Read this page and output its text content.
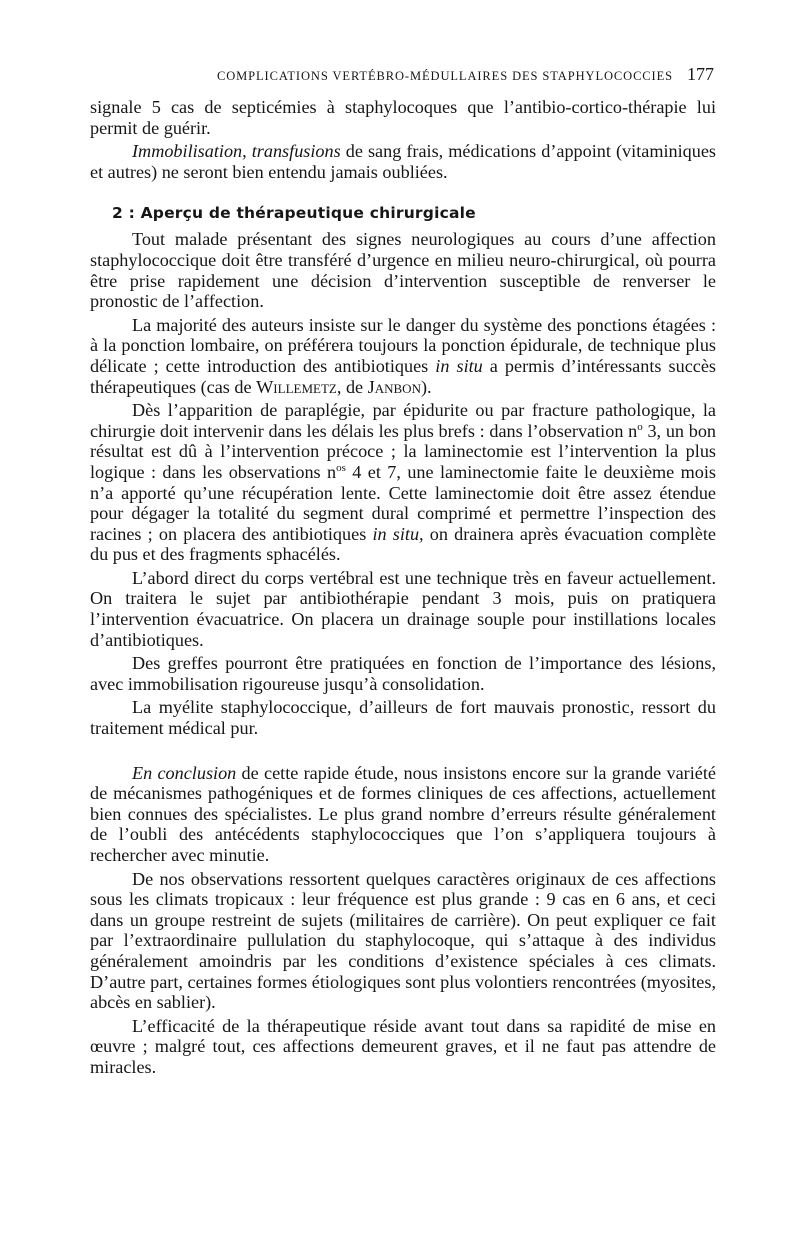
COMPLICATIONS VERTÉBRO-MÉDULLAIRES DES STAPHYLOCOCCIES 177

signale 5 cas de septicémies à staphylocoques que l’antibio-cortico-thérapie lui permit de guérir.

Immobilisation, transfusions de sang frais, médications d’appoint (vitaminiques et autres) ne seront bien entendu jamais oubliées.

2 : Aperçu de thérapeutique chirurgicale

Tout malade présentant des signes neurologiques au cours d’une affection staphylococcique doit être transféré d’urgence en milieu neuro-chirurgical, où pourra être prise rapidement une décision d’intervention susceptible de renverser le pronostic de l’affection.

La majorité des auteurs insiste sur le danger du système des ponctions étagées : à la ponction lombaire, on préférera toujours la ponction épidurale, de technique plus délicate ; cette introduction des antibiotiques in situ a permis d’intéressants succès thérapeutiques (cas de Willemetz, de Janbon).

Dès l’apparition de paraplégie, par épidurite ou par fracture pathologique, la chirurgie doit intervenir dans les délais les plus brefs : dans l’observation $n^o$ 3, un bon résultat est dû à l’intervention précoce ; la laminectomie est l’intervention la plus logique : dans les observations $n^{os}$ 4 et 7, une laminectomie faite le deuxième mois n’a apporté qu’une récupération lente. Cette laminectomie doit être assez étendue pour dégager la totalité du segment dural comprimé et permettre l’inspection des racines ; on placera des antibiotiques in situ, on drainera après évacuation complète du pus et des fragments sphacélés.

L’abord direct du corps vertébral est une technique très en faveur actuellement. On traitera le sujet par antibiothérapie pendant 3 mois, puis on pratiquera l’intervention évacuatrice. On placera un drainage souple pour instillations locales d’antibiotiques.

Des greffes pourront être pratiquées en fonction de l’importance des lésions, avec immobilisation rigoureuse jusqu’à consolidation.

La myélite staphylococcique, d’ailleurs de fort mauvais pronostic, ressort du traitement médical pur.

En conclusion de cette rapide étude, nous insistons encore sur la grande variété de mécanismes pathogéniques et de formes cliniques de ces affections, actuellement bien connues des spécialistes. Le plus grand nombre d’erreurs résulte généralement de l’oubli des antécédents staphylococciques que l’on s’appliquera toujours à rechercher avec minutie.

De nos observations ressortent quelques caractères originaux de ces affections sous les climats tropicaux : leur fréquence est plus grande : 9 cas en 6 ans, et ceci dans un groupe restreint de sujets (militaires de carrière). On peut expliquer ce fait par l’extraordinaire pullulation du staphylocoque, qui s’attaque à des individus généralement amoindris par les conditions d’existence spéciales à ces climats. D’autre part, certaines formes étiologiques sont plus volontiers rencontrées (myosites, abcès en sablier).

L’efficacité de la thérapeutique réside avant tout dans sa rapidité de mise en œuvre ; malgré tout, ces affections demeurent graves, et il ne faut pas attendre de miracles.
